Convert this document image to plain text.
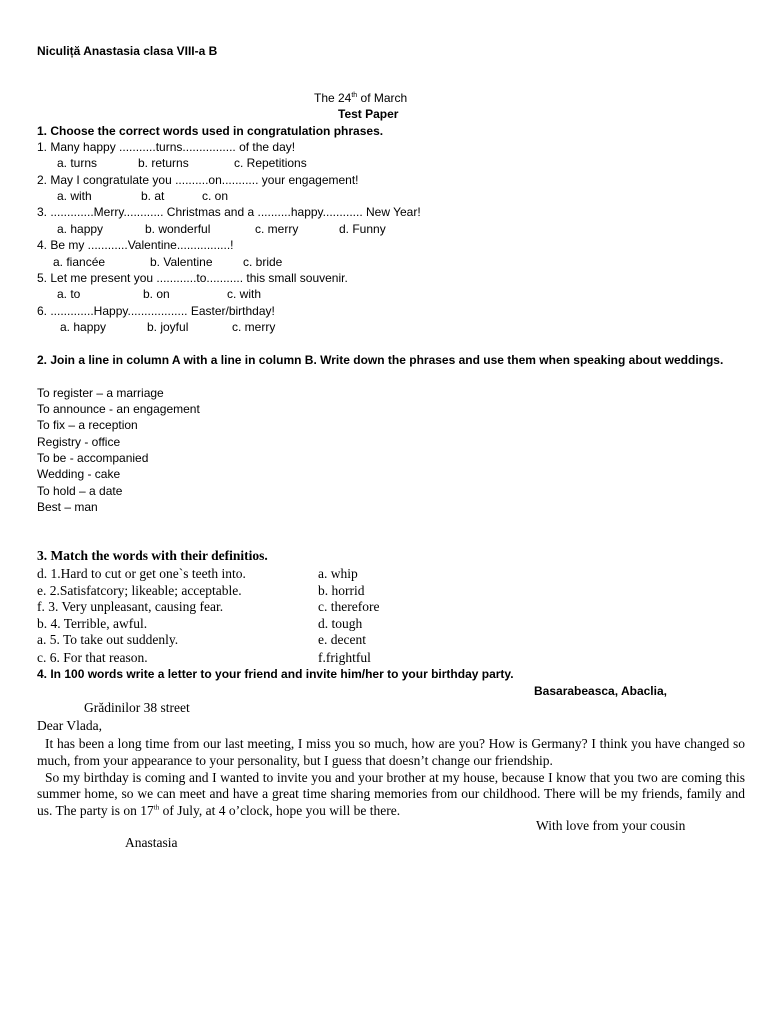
Niculiță Anastasia clasa VIII-a B
The 24th of March
Test Paper
1. Choose the correct words used in congratulation phrases.
1. Many happy ...........turns................ of the day!
a. turns	b. returns	c. Repetitions
2. May I congratulate you ..........on........... your engagement!
a. with	b. at	c. on
3. .............Merry............ Christmas and a ..........happy............ New Year!
a. happy	b. wonderful	c. merry	d. Funny
4. Be my ............Valentine................!
a. fiancée	b. Valentine	c. bride
5. Let me present you ............to........... this small souvenir.
a. to	b. on	c. with
6. .............Happy.................. Easter/birthday!
a. happy	b. joyful	c. merry
2. Join a line in column A with a line in column B. Write down the phrases and use them when speaking about weddings.
To register – a marriage
To announce - an engagement
To fix – a reception
Registry - office
To be - accompanied
Wedding - cake
To hold – a date
Best – man
3. Match the words with their definitios.
d. 1.Hard to cut or get one`s teeth into.	a. whip
e. 2.Satisfatcory; likeable; acceptable.	b. horrid
f. 3. Very unpleasant, causing fear.	c. therefore
b. 4. Terrible, awful.	d. tough
a. 5. To take out suddenly.	e. decent
c. 6. For that reason.	f.frightful
4. In 100 words write a letter to your friend and invite him/her to your birthday party.
Basarabeasca, Abaclia,
Grădinilor 38 street
Dear Vlada,

It has been a long time from our last meeting, I miss you so much, how are you? How is Germany? I think you have changed so much, from your appearance to your personality, but I guess that doesn’t change our friendship.

So my birthday is coming and I wanted to invite you and your brother at my house, because I know that you two are coming this summer home, so we can meet and have a great time sharing memories from our childhood. There will be my friends, family and us. The party is on 17th of July, at 4 o’clock, hope you will be there.

With love from your cousin
Anastasia
